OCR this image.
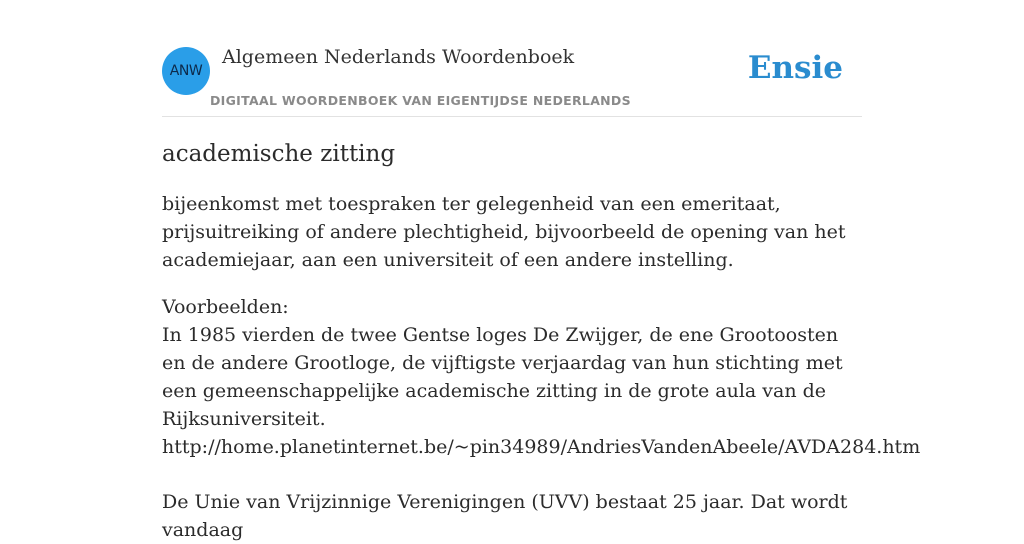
ANW
Algemeen Nederlands Woordenboek
DIGITAAL WOORDENBOEK VAN EIGENTIJDSE NEDERLANDS
Ensie
academische zitting

bijeenkomst met toespraken ter gelegenheid van een emeritaat, prijsuitreiking of andere plechtigheid, bijvoorbeeld de opening van het academiejaar, aan een universiteit of een andere instelling.

Voorbeelden:

In 1985 vierden de twee Gentse loges De Zwijger, de ene Grootoosten en de andere Grootloge, de vijftigste verjaardag van hun stichting met een gemeenschappelijke academische zitting in de grote aula van de Rijksuniversiteit.

http://home.planetinternet.be/~pin34989/AndriesVandenAbeele/AVDA284.htm

De Unie van Vrijzinnige Verenigingen (UVV) bestaat 25 jaar. Dat wordt vandaag
